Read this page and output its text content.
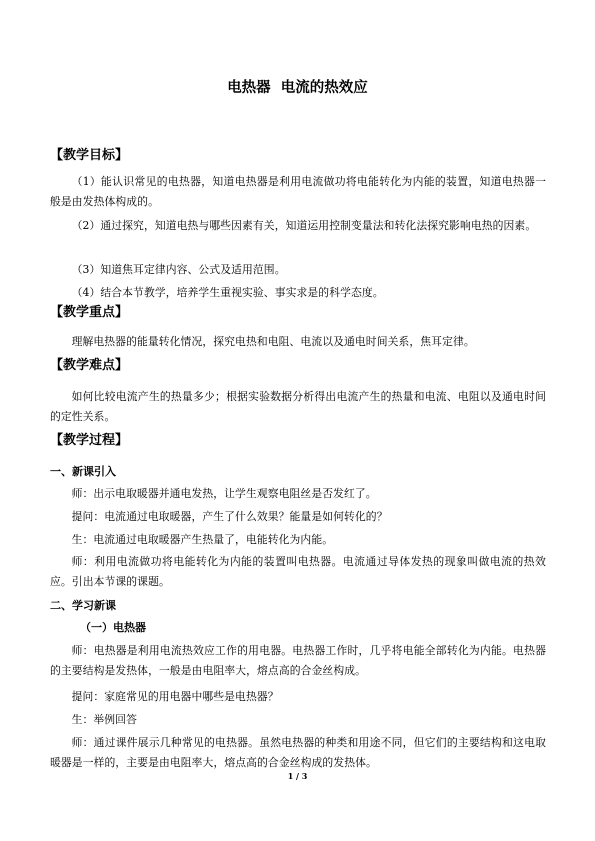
电热器  电流的热效应
【教学目标】
（1）能认识常见的电热器，知道电热器是利用电流做功将电能转化为内能的装置，知道电热器一般是由发热体构成的。
（2）通过探究，知道电热与哪些因素有关，知道运用控制变量法和转化法探究影响电热的因素。
（3）知道焦耳定律内容、公式及适用范围。
（4）结合本节教学，培养学生重视实验、事实求是的科学态度。
【教学重点】
理解电热器的能量转化情况，探究电热和电阻、电流以及通电时间关系，焦耳定律。
【教学难点】
如何比较电流产生的热量多少；根据实验数据分析得出电流产生的热量和电流、电阻以及通电时间的定性关系。
【教学过程】
一、新课引入
师：出示电取暖器并通电发热，让学生观察电阻丝是否发红了。
提问：电流通过电取暖器，产生了什么效果？能量是如何转化的？
生：电流通过电取暖器产生热量了，电能转化为内能。
师：利用电流做功将电能转化为内能的装置叫电热器。电流通过导体发热的现象叫做电流的热效应。引出本节课的课题。
二、学习新课
（一）电热器
师：电热器是利用电流热效应工作的用电器。电热器工作时，几乎将电能全部转化为内能。电热器的主要结构是发热体，一般是由电阻率大，熔点高的合金丝构成。
提问：家庭常见的用电器中哪些是电热器？
生：举例回答
师：通过课件展示几种常见的电热器。虽然电热器的种类和用途不同，但它们的主要结构和这电取暖器是一样的，主要是由电阻率大，熔点高的合金丝构成的发热体。
1 / 3
